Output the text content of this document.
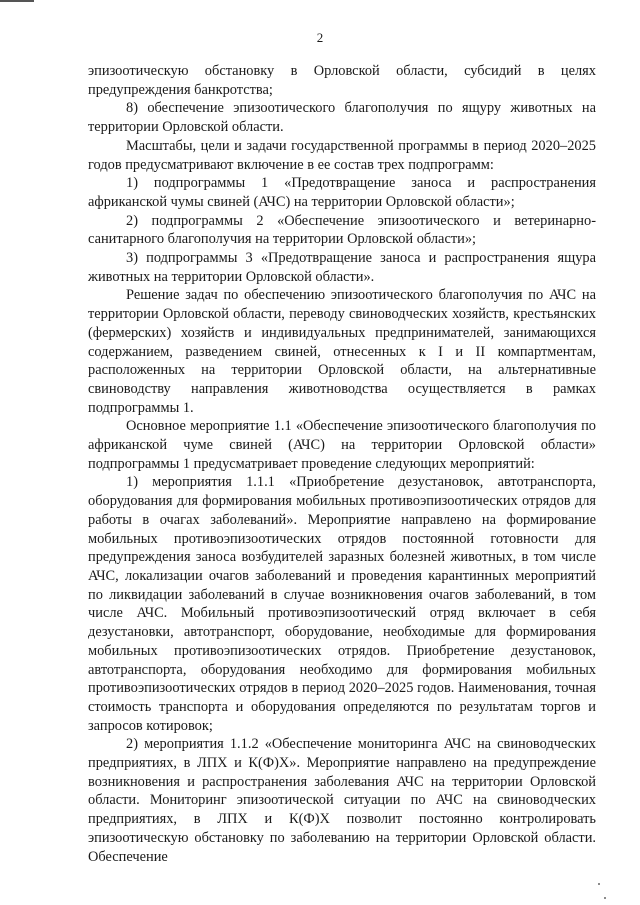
2

эпизоотическую обстановку в Орловской области, субсидий в целях предупреждения банкротства;

8) обеспечение эпизоотического благополучия по ящуру животных на территории Орловской области.

Масштабы, цели и задачи государственной программы в период 2020–2025 годов предусматривают включение в ее состав трех подпрограмм:

1) подпрограммы 1 «Предотвращение заноса и распространения африканской чумы свиней (АЧС) на территории Орловской области»;

2) подпрограммы 2 «Обеспечение эпизоотического и ветеринарно-санитарного благополучия на территории Орловской области»;

3) подпрограммы 3 «Предотвращение заноса и распространения ящура животных на территории Орловской области».

Решение задач по обеспечению эпизоотического благополучия по АЧС на территории Орловской области, переводу свиноводческих хозяйств, крестьянских (фермерских) хозяйств и индивидуальных предпринимателей, занимающихся содержанием, разведением свиней, отнесенных к I и II компартментам, расположенных на территории Орловской области, на альтернативные свиноводству направления животноводства осуществляется в рамках подпрограммы 1.

Основное мероприятие 1.1 «Обеспечение эпизоотического благополучия по африканской чуме свиней (АЧС) на территории Орловской области» подпрограммы 1 предусматривает проведение следующих мероприятий:

1) мероприятия 1.1.1 «Приобретение дезустановок, автотранспорта, оборудования для формирования мобильных противоэпизоотических отрядов для работы в очагах заболеваний». Мероприятие направлено на формирование мобильных противоэпизоотических отрядов постоянной готовности для предупреждения заноса возбудителей заразных болезней животных, в том числе АЧС, локализации очагов заболеваний и проведения карантинных мероприятий по ликвидации заболеваний в случае возникновения очагов заболеваний, в том числе АЧС. Мобильный противоэпизоотический отряд включает в себя дезустановки, автотранспорт, оборудование, необходимые для формирования мобильных противоэпизоотических отрядов. Приобретение дезустановок, автотранспорта, оборудования необходимо для формирования мобильных противоэпизоотических отрядов в период 2020–2025 годов. Наименования, точная стоимость транспорта и оборудования определяются по результатам торгов и запросов котировок;

2) мероприятия 1.1.2 «Обеспечение мониторинга АЧС на свиноводческих предприятиях, в ЛПХ и К(Ф)Х». Мероприятие направлено на предупреждение возникновения и распространения заболевания АЧС на территории Орловской области. Мониторинг эпизоотической ситуации по АЧС на свиноводческих предприятиях, в ЛПХ и К(Ф)Х позволит постоянно контролировать эпизоотическую обстановку по заболеванию на территории Орловской области. Обеспечение
